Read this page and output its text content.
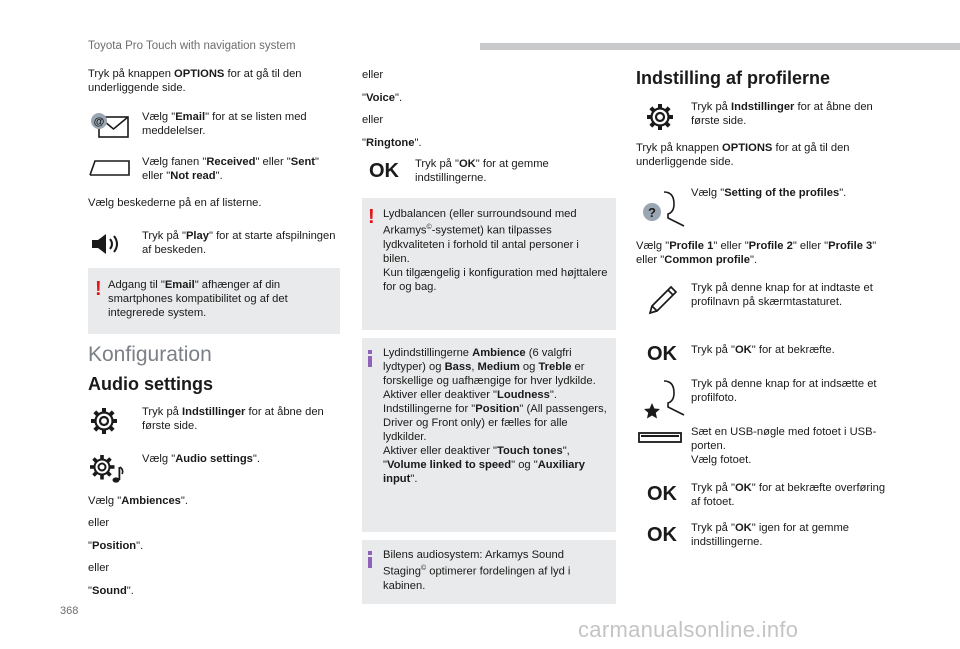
Toyota Pro Touch with navigation system
Tryk på knappen OPTIONS for at gå til den underliggende side.
@	Vælg "Email" for at se listen med meddelelser.
Vælg fanen "Received" eller "Sent" eller "Not read".
Vælg beskederne på en af listerne.
Tryk på "Play" for at starte afspilningen af beskeden.
! Adgang til "Email" afhænger af din smartphones kompatibilitet og af det integrerede system.
Konfiguration
Audio settings
Tryk på Indstillinger for at åbne den første side.
Vælg "Audio settings".
Vælg "Ambiences".
eller
"Position".
eller
"Sound".
eller
"Voice".
eller
"Ringtone".
OK Tryk på "OK" for at gemme indstillingerne.
! Lydbalancen (eller surroundsound med Arkamys©-systemet) kan tilpasses lydkvaliteten i forhold til antal personer i bilen.
Kun tilgængelig i konfiguration med højttalere for og bag.
Lydindstillingerne Ambience (6 valgfri lydtyper) og Bass, Medium og Treble er forskellige og uafhængige for hver lydkilde.
Aktiver eller deaktiver "Loudness".
Indstillingerne for "Position" (All passengers, Driver og Front only) er fælles for alle lydkilder.
Aktiver eller deaktiver "Touch tones", "Volume linked to speed" og "Auxiliary input".
Bilens audiosystem: Arkamys Sound Staging© optimerer fordelingen af lyd i kabinen.
Indstilling af profilerne
Tryk på Indstillinger for at åbne den første side.
Tryk på knappen OPTIONS for at gå til den underliggende side.
?
Vælg "Setting of the profiles".
Vælg "Profile 1" eller "Profile 2" eller "Profile 3" eller "Common profile".
Tryk på denne knap for at indtaste et profilnavn på skærmtastaturet.
OK Tryk på "OK" for at bekræfte.
Tryk på denne knap for at indsætte et profilfoto.
Sæt en USB-nøgle med fotoet i USB-porten.
Vælg fotoet.
OK Tryk på "OK" for at bekræfte overføring af fotoet.
OK Tryk på "OK" igen for at gemme indstillingerne.
368
carmanualsonline.info
